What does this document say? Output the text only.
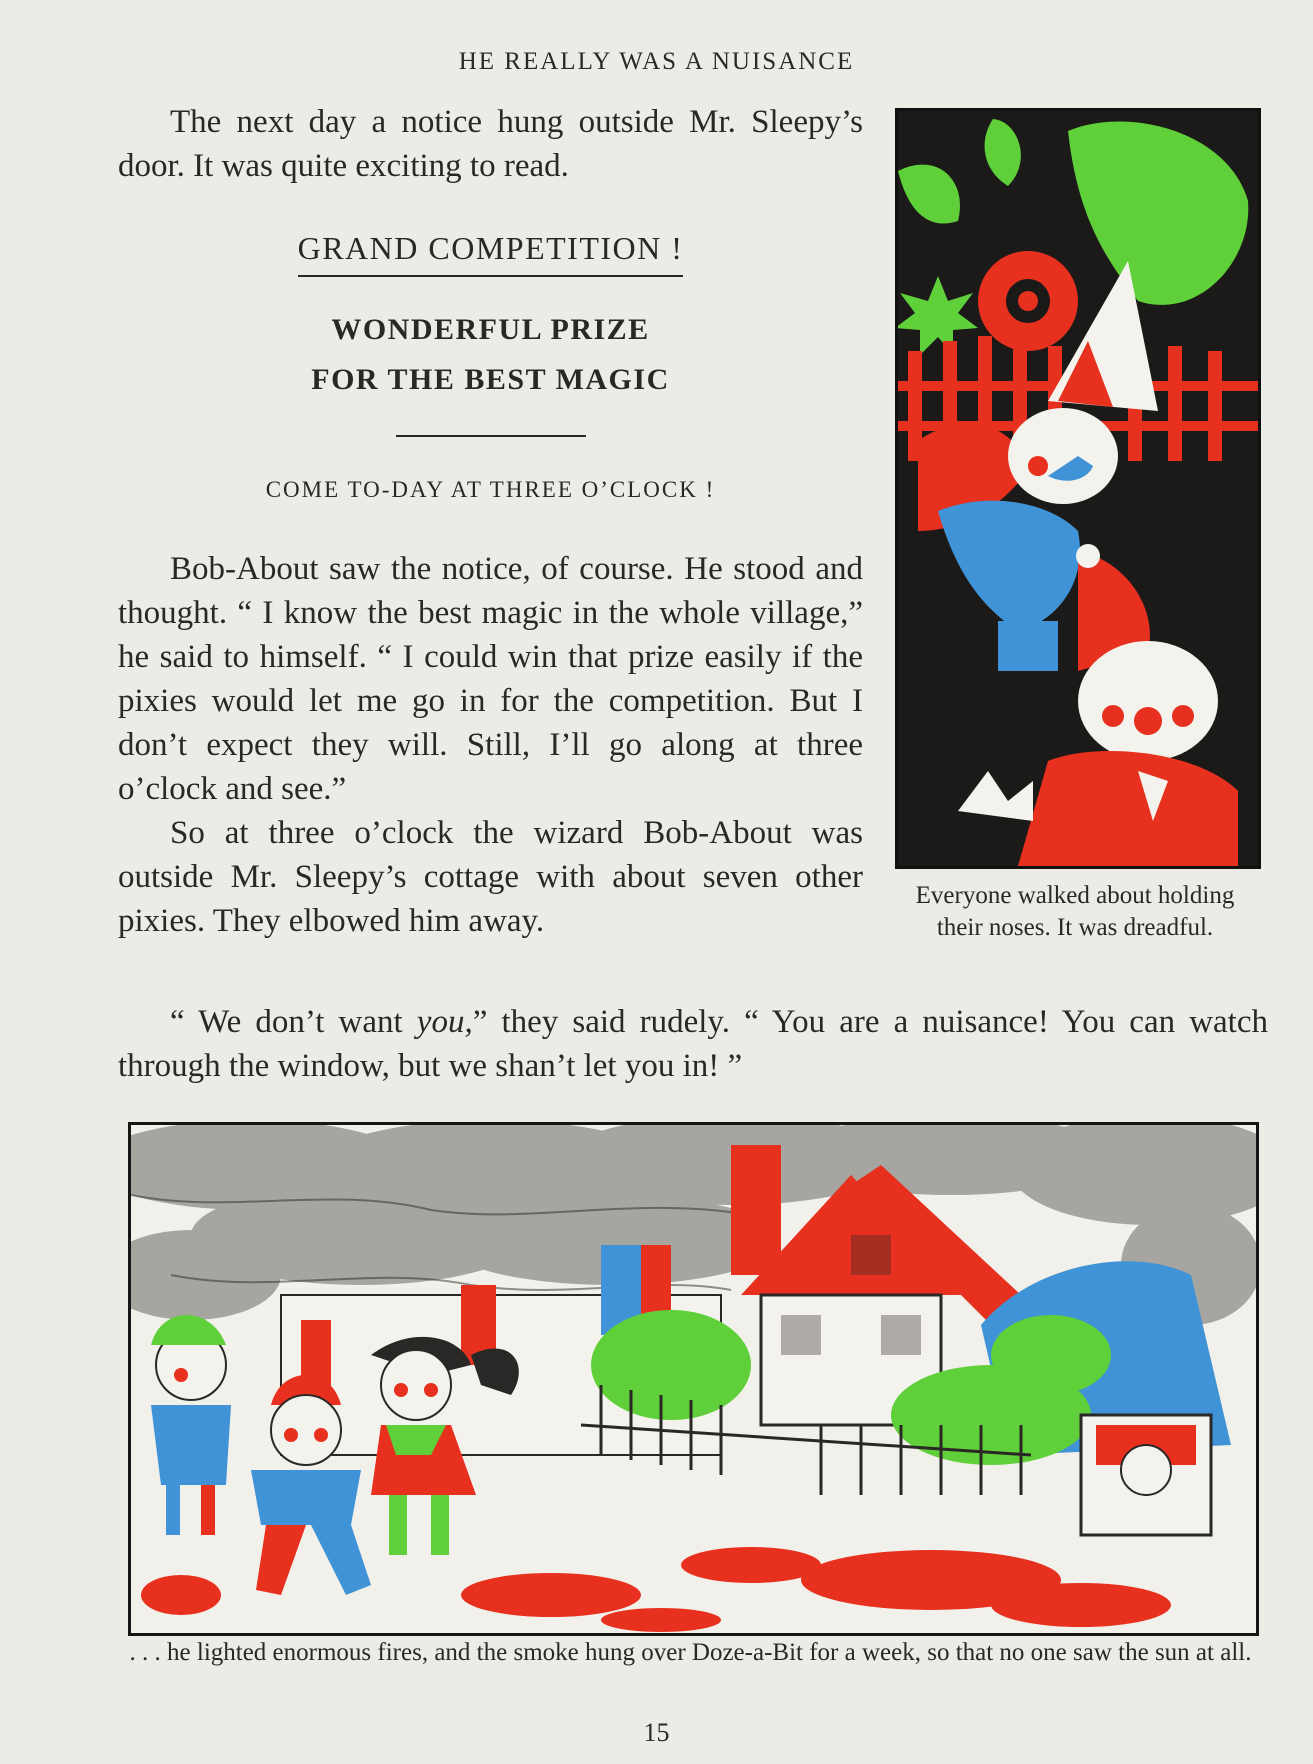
HE REALLY WAS A NUISANCE

The next day a notice hung outside Mr. Sleepy’s door. It was quite exciting to read.

GRAND COMPETITION !
WONDERFUL PRIZE
FOR THE BEST MAGIC
COME TO-DAY AT THREE O’CLOCK !

Bob-About saw the notice, of course. He stood and thought. “ I know the best magic in the whole village,” he said to himself. “ I could win that prize easily if the pixies would let me go in for the competition. But I don’t expect they will. Still, I’ll go along at three o’clock and see.”

So at three o’clock the wizard Bob-About was outside Mr. Sleepy’s cottage with about seven other pixies. They elbowed him away.

“ We don’t want you,” they said rudely. “ You are a nuisance! You can watch through the window, but we shan’t let you in! ”

Everyone walked about holding their noses. It was dreadful.
. . . he lighted enormous fires, and the smoke hung over Doze-a-Bit for a week, so that no one saw the sun at all.
15
